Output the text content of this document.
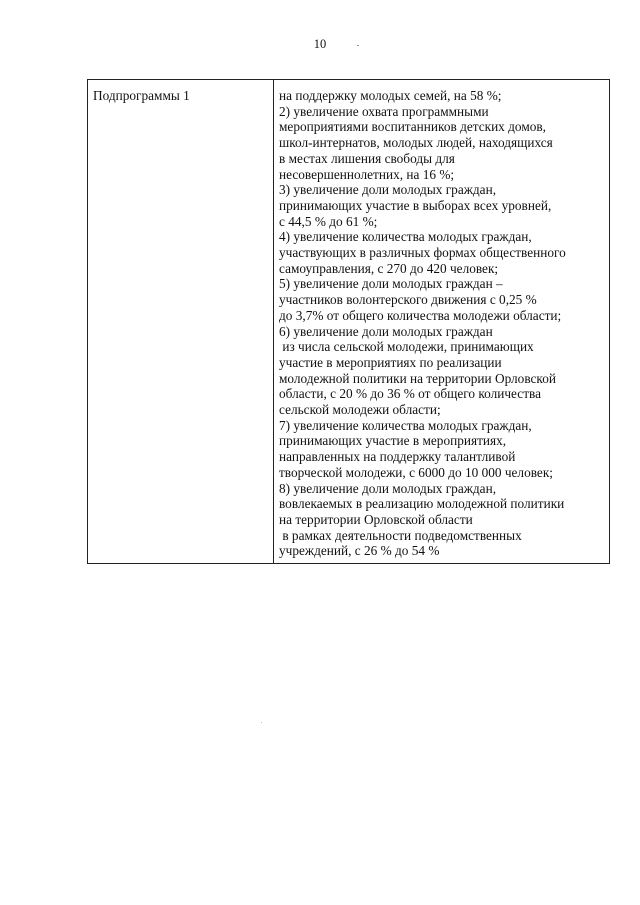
10
Подпрограммы 1	на поддержку молодых семей, на 58 %;
2) увеличение охвата программными
мероприятиями воспитанников детских домов,
школ-интернатов, молодых людей, находящихся
в местах лишения свободы для
несовершеннолетних, на 16 %;
3) увеличение доли молодых граждан,
принимающих участие в выборах всех уровней,
с 44,5 % до 61 %;
4) увеличение количества молодых граждан,
участвующих в различных формах общественного
самоуправления, с 270 до 420 человек;
5) увеличение доли молодых граждан –
участников волонтерского движения с 0,25 %
до 3,7% от общего количества молодежи области;
6) увеличение доли молодых граждан
из числа сельской молодежи, принимающих
участие в мероприятиях по реализации
молодежной политики на территории Орловской
области, с 20 % до 36 % от общего количества
сельской молодежи области;
7) увеличение количества молодых граждан,
принимающих участие в мероприятиях,
направленных на поддержку талантливой
творческой молодежи, с 6000 до 10 000 человек;
8) увеличение доли молодых граждан,
вовлекаемых в реализацию молодежной политики
на территории Орловской области
в рамках деятельности подведомственных
учреждений, с 26 % до 54 %
